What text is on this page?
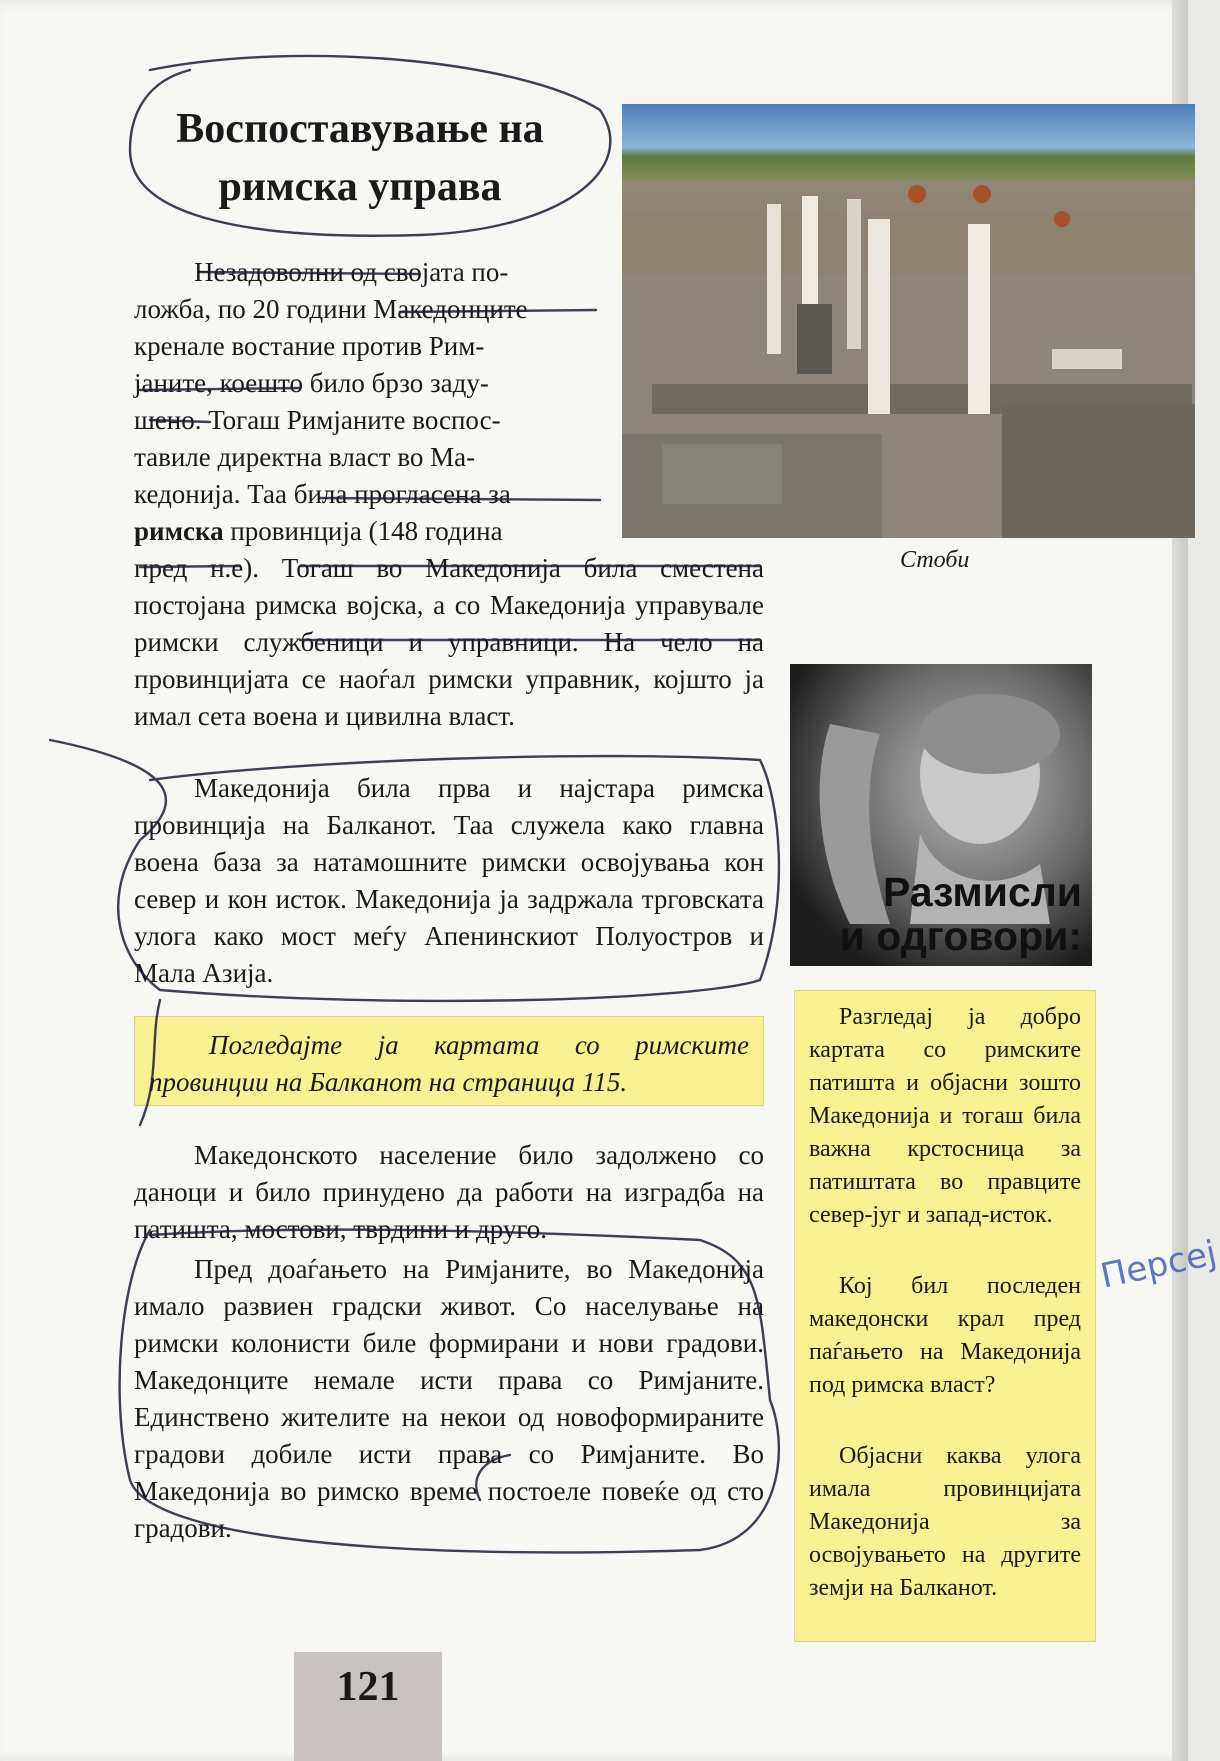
Воспоставување на
римска управа
Стоби
Незадоволни од својата по-
ложба, по 20 години Македонците
кренале востание против Рим-
јаните, коешто било брзо заду-
шено. Тогаш Римјаните воспос-
тавиле директна власт во Ма-
кедонија. Таа била прогласена за
римска провинција (148 година

пред н.е). Тогаш во Македонија била сместена постојана римска војска, а со Македонија управувале римски службеници и управници. На чело на провинцијата се наоѓал римски управник, којшто ја имал сета воена и цивилна власт.

Македонија била прва и најстара римска провинција на Балканот. Таа служела како главна воена база за натамошните римски освојувања кон север и кон исток. Македонија ја задржала трговската улога како мост меѓу Апенинскиот Полуостров и Мала Азија.

Погледајте ја картата со римските провинции на Балканот на страница 115.

Македонското население било задолжено со даноци и било принудено да работи на изградба на патишта, мостови, тврдини и друго.

Пред доаѓањето на Римјаните, во Македонија имало развиен градски живот. Со населување на римски колонисти биле формирани и нови градови. Македонците немале исти права со Римјаните. Единствено жителите на некои од новоформираните градови добиле исти права со Римјаните. Во Македонија во римско време постоеле повеќе од сто градови.

Размисли
и одговори:

Разгледај ја добро картата со римските патишта и објасни зошто Македонија и тогаш била важна крстосница за патиштата во правците север-југ и запад-исток.

Кој бил последен македонски крал пред паѓањето на Македонија под римска власт?

Објасни каква улога имала провинцијата Македонија за освојувањето на другите земји на Балканот.

Персеј
121
